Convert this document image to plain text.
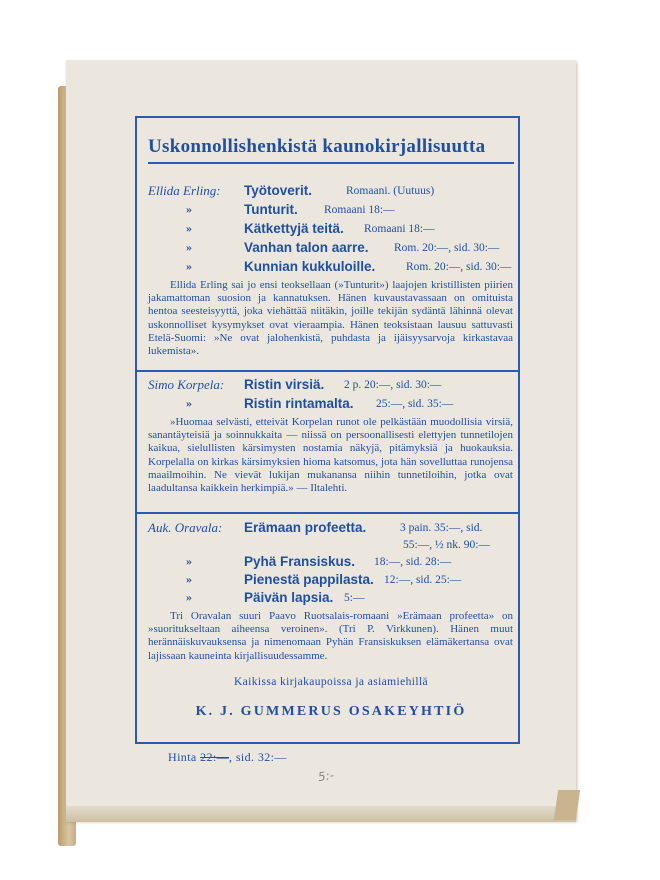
Uskonnollishenkistä kaunokirjallisuutta
Ellida Erling: Työtoverit.	Romaani. (Uutuus)
»	Tunturit. Romaani 18:—
»	Kätkettyjä teitä. Romaani 18:—
»	Vanhan talon aarre. Rom. 20:—, sid. 30:—
»	Kunnian kukkuloille.	Rom. 20:—, sid. 30:—
Ellida Erling sai jo ensi teoksellaan (»Tunturit») laajojen kristillisten piirien jakamattoman suosion ja kannatuksen. Hänen kuvaustavassaan on omituista hentoa seesteisyyttä, joka viehättää niitäkin, joille tekijän sydäntä lähinnä olevat uskonnolliset kysymykset ovat vieraampia. Hänen teoksistaan lausuu sattuvasti Etelä-Suomi: »Ne ovat jalohenkistä, puhdasta ja ijäisyysarvoja kirkastavaa lukemista».
Simo Korpela: Ristin virsiä. 2 p. 20:—, sid. 30:—
»	Ristin rintamalta. 25:—, sid. 35:—
»Huomaa selvästi, etteivät Korpelan runot ole pelkästään muodollisia virsiä, sanantäyteisiä ja soinnukkaita — niissä on persoonallisesti elettyjen tunnetilojen kaikua, sielullisten kärsimysten nostamia näkyjä, pitämyksiä ja huokauksia. Korpelalla on kirkas kärsimyksien hioma katsomus, jota hän sovelluttaa runojensa maailmoihin. Ne vievät lukijan mukanansa niihin tunnetiloihin, jotka ovat laadultansa kaikkein herkimpiä.» — Iltalehti.
Auk. Oravala: Erämaan profeetta.	3 pain. 35:—, sid.
55:—, ½ nk. 90:—
»	Pyhä Fransiskus. 18:—, sid. 28:—
»	Pienestä pappilasta. 12:—, sid. 25:—
»	Päivän lapsia. 5:—
Tri Oravalan suuri Paavo Ruotsalais-romaani »Erämaan profeetta» on »suoritukseltaan aiheensa veroinen». (Tri P. Virkkunen). Hänen muut herännäiskuvauksensa ja nimenomaan Pyhän Fransiskuksen elämäkertansa ovat lajissaan kauneinta kirjallisuudessamme.
Kaikissa kirjakaupoissa ja asiamiehillä
K. J. GUMMERUS OSAKEYHTIÖ
Hinta 22:—, sid. 32:—
5:-
